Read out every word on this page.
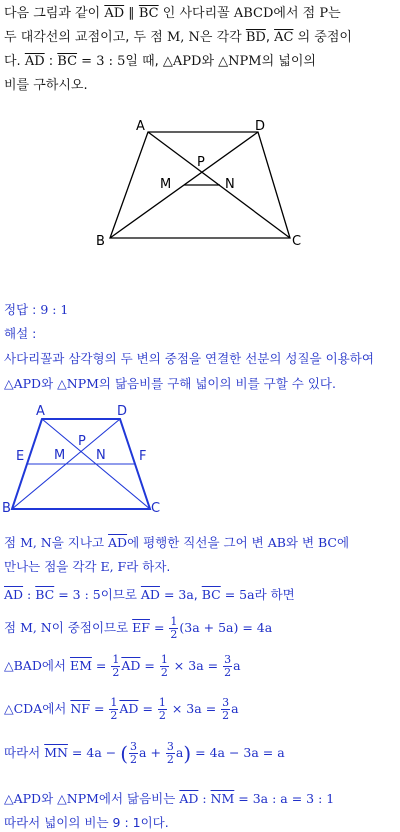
다음 그림과 같이 $\overline{AD}$ ∥ $\overline{BC}$ 인 사다리꼴 ABCD에서 점 P는
두 대각선의 교점이고, 두 점 M, N은 각각 $\overline{BD}$, $\overline{AC}$ 의 중점이
다. $\overline{AD}$ : $\overline{BC} = 3$ : 5일 때, △APD와 △NPM의 넓이의
비를 구하시오.
A	D
P
M	N
B	C
정답 : 9 : 1
해설 :
사다리꼴과 삼각형의 두 변의 중점을 연결한 선분의 성질을 이용하여
△APD와 △NPM의 닮음비를 구해 넓이의 비를 구할 수 있다.
A	D
P
E M N	F
B	C
점 M, N을 지나고 $\overline{AD}$에 평행한 직선을 그어 변 AB와 변 BC에
만나는 점을 각각 E, F라 하자.
$\overline{AD}$ : $\overline{BC} = 3$ : 5이므로 $\overline{AD} = 3a$, $\overline{BC} = 5a$라 하면
점 M, N이 중점이므로 $\overline{EF} = \frac{1}{2} (3a + 5a) = 4a$
△BAD에서 $\overline{EM} = \frac{1}{2} \overline{AD} = \frac{1}{2} \times 3a = \frac{3}{2}$ a
△CDA에서 $\overline{NF} = \frac{1}{2} \overline{AD} = \frac{1}{2} \times 3a = \frac{3}{2}$ a
따라서 $\overline{MN} = 4a$ − ( $\frac{3}{2}$ $a + \frac{3}{2} a) = 4a - 3a = a$
△APD와 △NPM에서 닮음비는 $\overline{AD}$ : $\overline{NM} = 3a$ : a = 3 : 1
따라서 넓이의 비는 9 : 1이다.
